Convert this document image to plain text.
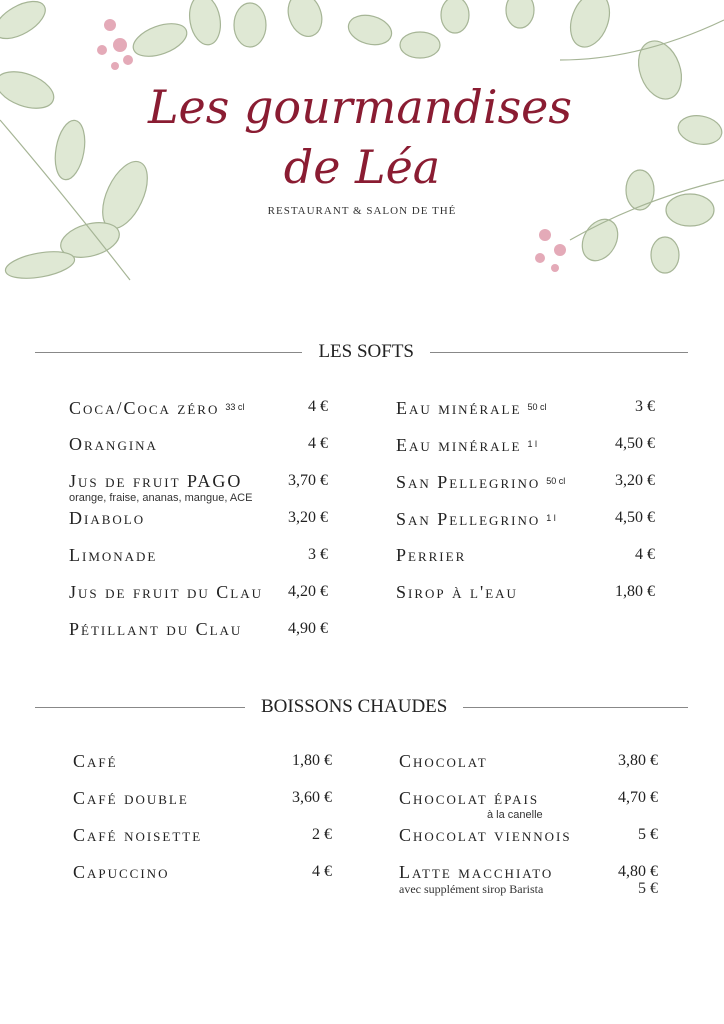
Les gourmandises
de Léa
RESTAURANT & SALON DE THÉ
LES SOFTS
Coca/Coca zéro $^{33 cl}$	4 €
Orangina	4 €
Jus de fruit PAGO	3,70 €
orange, fraise, ananas, mangue, ACE
Diabolo	3,20 €
Limonade	3 €
Jus de fruit du Clau	4,20 €
Pétillant du Clau	4,90 €
Eau minérale $^{50 cl}$	3 €
Eau minérale $^{1 l}$	4,50 €
San Pellegrino $^{50 cl}$	3,20 €
San Pellegrino $^{1 l}$	4,50 €
Perrier	4 €
Sirop à l'eau	1,80 €
BOISSONS CHAUDES
Café	1,80 €
Café double	3,60 €
Café noisette	2 €
Capuccino	4 €
Chocolat	3,80 €
Chocolat épais	4,70 €
à la canelle
Chocolat viennois	5 €
Latte macchiato	4,80 €
avec supplément sirop Barista	5 €
